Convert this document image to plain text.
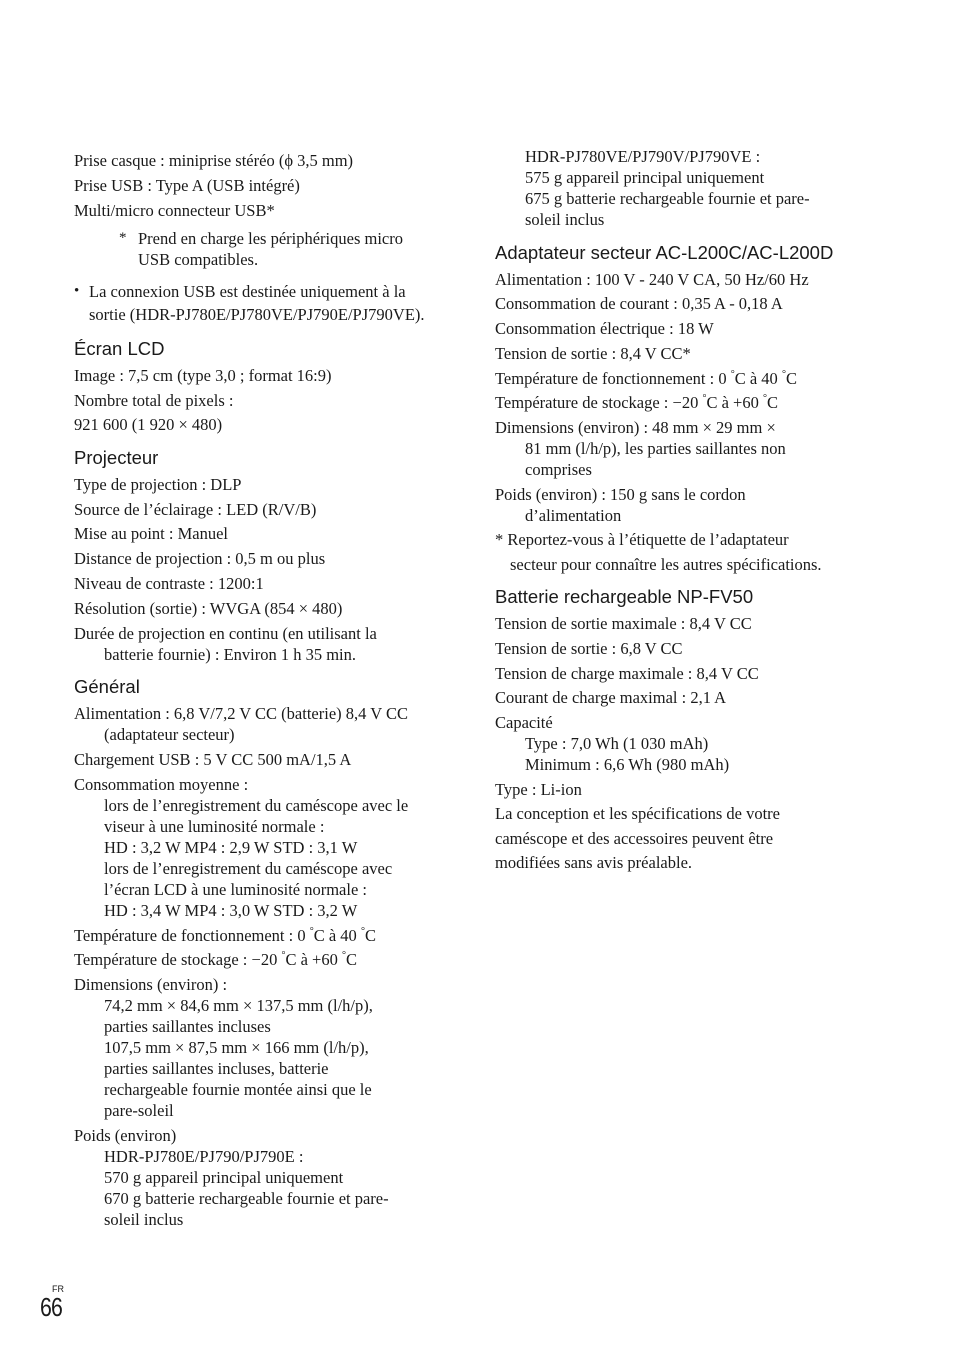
Prise casque : miniprise stéréo (ϕ 3,5 mm)
Prise USB : Type A (USB intégré)
Multi/micro connecteur USB*
* Prend en charge les périphériques micro
USB compatibles.
• La connexion USB est destinée uniquement à la
sortie (HDR-PJ780E/PJ780VE/PJ790E/PJ790VE).
Écran LCD
Image : 7,5 cm (type 3,0 ; format 16:9)
Nombre total de pixels :
921 600 (1 920 × 480)
Projecteur
Type de projection : DLP
Source de l’éclairage : LED (R/V/B)
Mise au point : Manuel
Distance de projection : 0,5 m ou plus
Niveau de contraste : 1200:1
Résolution (sortie) : WVGA (854 × 480)
Durée de projection en continu (en utilisant la
batterie fournie) : Environ 1 h 35 min.
Général
Alimentation : 6,8 V/7,2 V CC (batterie) 8,4 V CC
(adaptateur secteur)
Chargement USB : 5 V CC 500 mA/1,5 A
Consommation moyenne :
lors de l’enregistrement du caméscope avec le
viseur à une luminosité normale :
HD : 3,2 W MP4 : 2,9 W STD : 3,1 W
lors de l’enregistrement du caméscope avec
l’écran LCD à une luminosité normale :
HD : 3,4 W MP4 : 3,0 W STD : 3,2 W
Température de fonctionnement : 0 °C à 40 °C
Température de stockage : −20 °C à +60 °C
Dimensions (environ) :
74,2 mm × 84,6 mm × 137,5 mm (l/h/p),
parties saillantes incluses
107,5 mm × 87,5 mm × 166 mm (l/h/p),
parties saillantes incluses, batterie
rechargeable fournie montée ainsi que le
pare-soleil
Poids (environ)
HDR-PJ780E/PJ790/PJ790E :
570 g appareil principal uniquement
670 g batterie rechargeable fournie et pare-
soleil inclus
HDR-PJ780VE/PJ790V/PJ790VE :
575 g appareil principal uniquement
675 g batterie rechargeable fournie et pare-
soleil inclus
Adaptateur secteur AC-L200C/AC-L200D
Alimentation : 100 V - 240 V CA, 50 Hz/60 Hz
Consommation de courant : 0,35 A - 0,18 A
Consommation électrique : 18 W
Tension de sortie : 8,4 V CC*
Température de fonctionnement : 0 °C à 40 °C
Température de stockage : −20 °C à +60 °C
Dimensions (environ) : 48 mm × 29 mm ×
81 mm (l/h/p), les parties saillantes non
comprises
Poids (environ) : 150 g sans le cordon
d’alimentation
* Reportez-vous à l’étiquette de l’adaptateur
secteur pour connaître les autres spécifications.
Batterie rechargeable NP-FV50
Tension de sortie maximale : 8,4 V CC
Tension de sortie : 6,8 V CC
Tension de charge maximale : 8,4 V CC
Courant de charge maximal : 2,1 A
Capacité
Type : 7,0 Wh (1 030 mAh)
Minimum : 6,6 Wh (980 mAh)
Type : Li-ion
La conception et les spécifications de votre
caméscope et des accessoires peuvent être
modifiées sans avis préalable.
FR
66
